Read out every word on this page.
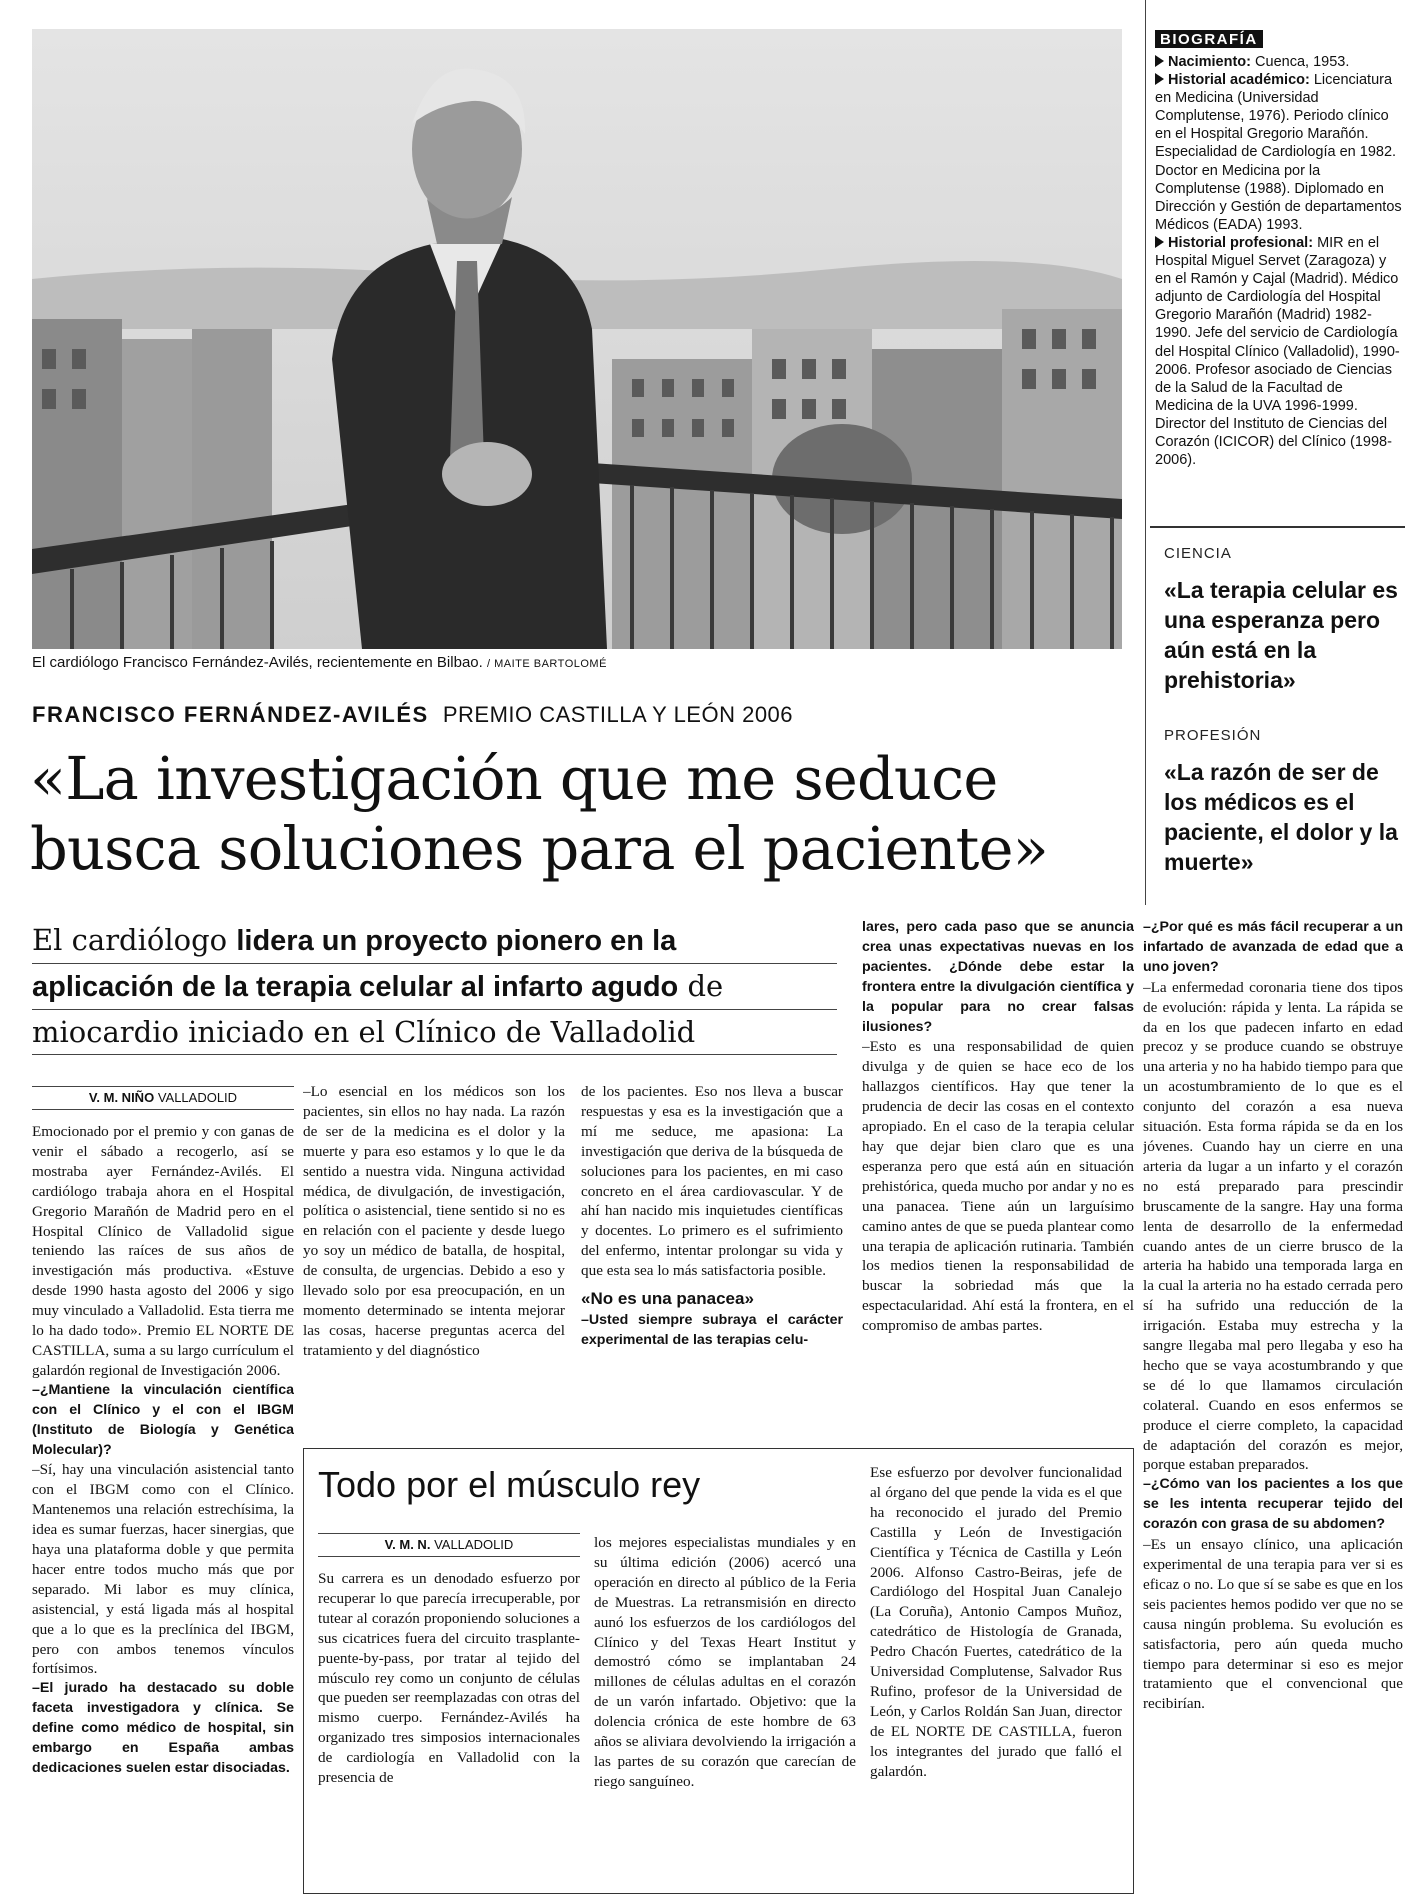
El cardiólogo Francisco Fernández-Avilés, recientemente en Bilbao. / MAITE BARTOLOMÉ
BIOGRAFÍA
Nacimiento: Cuenca, 1953.
Historial académico: Licenciatura en Medicina (Universidad Complutense, 1976). Periodo clínico en el Hospital Gregorio Marañón. Especialidad de Cardiología en 1982. Doctor en Medicina por la Complutense (1988). Diplomado en Dirección y Gestión de departamentos Médicos (EADA) 1993.
Historial profesional: MIR en el Hospital Miguel Servet (Zaragoza) y en el Ramón y Cajal (Madrid). Médico adjunto de Cardiología del Hospital Gregorio Marañón (Madrid) 1982-1990. Jefe del servicio de Cardiología del Hospital Clínico (Valladolid), 1990-2006. Profesor asociado de Ciencias de la Salud de la Facultad de Medicina de la UVA 1996-1999. Director del Instituto de Ciencias del Corazón (ICICOR) del Clínico (1998-2006).
CIENCIA
«La terapia celular es una esperanza pero aún está en la prehistoria»
PROFESIÓN
«La razón de ser de los médicos es el paciente, el dolor y la muerte»
FRANCISCO FERNÁNDEZ-AVILÉS PREMIO CASTILLA Y LEÓN 2006
«La investigación que me seduce
busca soluciones para el paciente»
El cardiólogo lidera un proyecto pionero en la
aplicación de la terapia celular al infarto agudo de
miocardio iniciado en el Clínico de Valladolid
V. M. NIÑO VALLADOLID

Emocionado por el premio y con ganas de venir el sábado a recogerlo, así se mostraba ayer Fernández-Avilés. El cardiólogo trabaja ahora en el Hospital Gregorio Marañón de Madrid pero en el Hospital Clínico de Valladolid sigue teniendo las raíces de sus años de investigación más productiva. «Estuve desde 1990 hasta agosto del 2006 y sigo muy vinculado a Valladolid. Esta tierra me lo ha dado todo». Premio EL NORTE DE CASTILLA, suma a su largo currículum el galardón regional de Investigación 2006.

–¿Mantiene la vinculación científica con el Clínico y el con el IBGM (Instituto de Biología y Genética Molecular)?

–Sí, hay una vinculación asistencial tanto con el IBGM como con el Clínico. Mantenemos una relación estrechísima, la idea es sumar fuerzas, hacer sinergias, que haya una plataforma doble y que permita hacer entre todos mucho más que por separado. Mi labor es muy clínica, asistencial, y está ligada más al hospital que a lo que es la preclínica del IBGM, pero con ambos tenemos vínculos fortísimos.

–El jurado ha destacado su doble faceta investigadora y clínica. Se define como médico de hospital, sin embargo en España ambas dedicaciones suelen estar disociadas.

–Lo esencial en los médicos son los pacientes, sin ellos no hay nada. La razón de ser de la medicina es el dolor y la muerte y para eso estamos y lo que le da sentido a nuestra vida. Ninguna actividad médica, de divulgación, de investigación, política o asistencial, tiene sentido si no es en relación con el paciente y desde luego yo soy un médico de batalla, de hospital, de consulta, de urgencias. Debido a eso y llevado solo por esa preocupación, en un momento determinado se intenta mejorar las cosas, hacerse preguntas acerca del tratamiento y del diagnóstico

de los pacientes. Eso nos lleva a buscar respuestas y esa es la investigación que a mí me seduce, me apasiona: La investigación que deriva de la búsqueda de soluciones para los pacientes, en mi caso concreto en el área cardiovascular. Y de ahí han nacido mis inquietudes científicas y docentes. Lo primero es el sufrimiento del enfermo, intentar prolongar su vida y que esta sea lo más satisfactoria posible.

«No es una panacea»

–Usted siempre subraya el carácter experimental de las terapias celu-

lares, pero cada paso que se anuncia crea unas expectativas nuevas en los pacientes. ¿Dónde debe estar la frontera entre la divulgación científica y la popular para no crear falsas ilusiones?

–Esto es una responsabilidad de quien divulga y de quien se hace eco de los hallazgos científicos. Hay que tener la prudencia de decir las cosas en el contexto apropiado. En el caso de la terapia celular hay que dejar bien claro que es una esperanza pero que está aún en situación prehistórica, queda mucho por andar y no es una panacea. Tiene aún un larguísimo camino antes de que se pueda plantear como una terapia de aplicación rutinaria. También los medios tienen la responsabilidad de buscar la sobriedad más que la espectacularidad. Ahí está la frontera, en el compromiso de ambas partes.

–¿Por qué es más fácil recuperar a un infartado de avanzada de edad que a uno joven?

–La enfermedad coronaria tiene dos tipos de evolución: rápida y lenta. La rápida se da en los que padecen infarto en edad precoz y se produce cuando se obstruye una arteria y no ha habido tiempo para que un acostumbramiento de lo que es el conjunto del corazón a esa nueva situación. Esta forma rápida se da en los jóvenes. Cuando hay un cierre en una arteria da lugar a un infarto y el corazón no está preparado para prescindir bruscamente de la sangre. Hay una forma lenta de desarrollo de la enfermedad cuando antes de un cierre brusco de la arteria ha habido una temporada larga en la cual la arteria no ha estado cerrada pero sí ha sufrido una reducción de la irrigación. Estaba muy estrecha y la sangre llegaba mal pero llegaba y eso ha hecho que se vaya acostumbrando y que se dé lo que llamamos circulación colateral. Cuando en esos enfermos se produce el cierre completo, la capacidad de adaptación del corazón es mejor, porque estaban preparados.

–¿Cómo van los pacientes a los que se les intenta recuperar tejido del corazón con grasa de su abdomen?

–Es un ensayo clínico, una aplicación experimental de una terapia para ver si es eficaz o no. Lo que sí se sabe es que en los seis pacientes hemos podido ver que no se causa ningún problema. Su evolución es satisfactoria, pero aún queda mucho tiempo para determinar si eso es mejor tratamiento que el convencional que recibirían.

Todo por el músculo rey
V. M. N. VALLADOLID

Su carrera es un denodado esfuerzo por recuperar lo que parecía irrecuperable, por tutear al corazón proponiendo soluciones a sus cicatrices fuera del circuito trasplante-puente-by-pass, por tratar al tejido del músculo rey como un conjunto de células que pueden ser reemplazadas con otras del mismo cuerpo. Fernández-Avilés ha organizado tres simposios internacionales de cardiología en Valladolid con la presencia de

los mejores especialistas mundiales y en su última edición (2006) acercó una operación en directo al público de la Feria de Muestras. La retransmisión en directo aunó los esfuerzos de los cardiólogos del Clínico y del Texas Heart Institut y demostró cómo se implantaban 24 millones de células adultas en el corazón de un varón infartado. Objetivo: que la dolencia crónica de este hombre de 63 años se aliviara devolviendo la irrigación a las partes de su corazón que carecían de riego sanguíneo.

Ese esfuerzo por devolver funcionalidad al órgano del que pende la vida es el que ha reconocido el jurado del Premio Castilla y León de Investigación Científica y Técnica de Castilla y León 2006. Alfonso Castro-Beiras, jefe de Cardiólogo del Hospital Juan Canalejo (La Coruña), Antonio Campos Muñoz, catedrático de Histología de Granada, Pedro Chacón Fuertes, catedrático de la Universidad Complutense, Salvador Rus Rufino, profesor de la Universidad de León, y Carlos Roldán San Juan, director de EL NORTE DE CASTILLA, fueron los integrantes del jurado que falló el galardón.
